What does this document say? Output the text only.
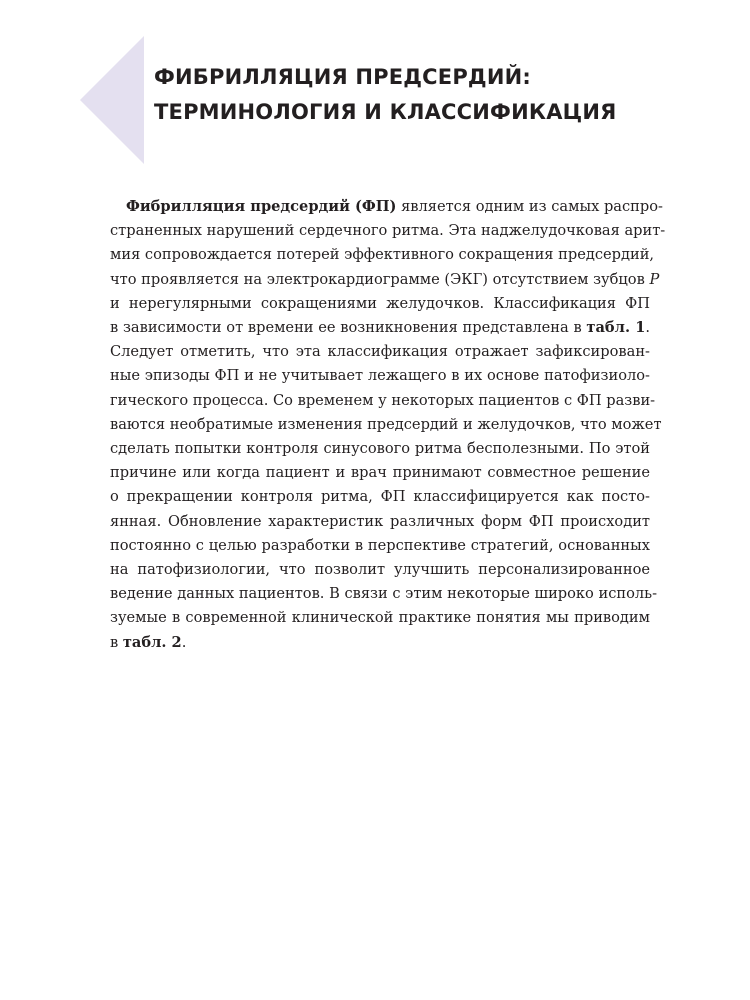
ФИБРИЛЛЯЦИЯ ПРЕДСЕРДИЙ:
ТЕРМИНОЛОГИЯ И КЛАССИФИКАЦИЯ
Фибрилляция предсердий (ФП) является одним из самых распро-
страненных нарушений сердечного ритма. Эта наджелудочковая арит-
мия сопровождается потерей эффективного сокращения предсердий,
что проявляется на электрокардиограмме (ЭКГ) отсутствием зубцов P
и нерегулярными сокращениями желудочков. Классификация ФП
в зависимости от времени ее возникновения представлена в табл. 1.
Следует отметить, что эта классификация отражает зафиксирован-
ные эпизоды ФП и не учитывает лежащего в их основе патофизиоло-
гического процесса. Со временем у некоторых пациентов с ФП разви-
ваются необратимые изменения предсердий и желудочков, что может
сделать попытки контроля синусового ритма бесполезными. По этой
причине или когда пациент и врач принимают совместное решение
о прекращении контроля ритма, ФП классифицируется как посто-
янная. Обновление характеристик различных форм ФП происходит
постоянно с целью разработки в перспективе стратегий, основанных
на патофизиологии, что позволит улучшить персонализированное
ведение данных пациентов. В связи с этим некоторые широко исполь-
зуемые в современной клинической практике понятия мы приводим
в табл. 2.
